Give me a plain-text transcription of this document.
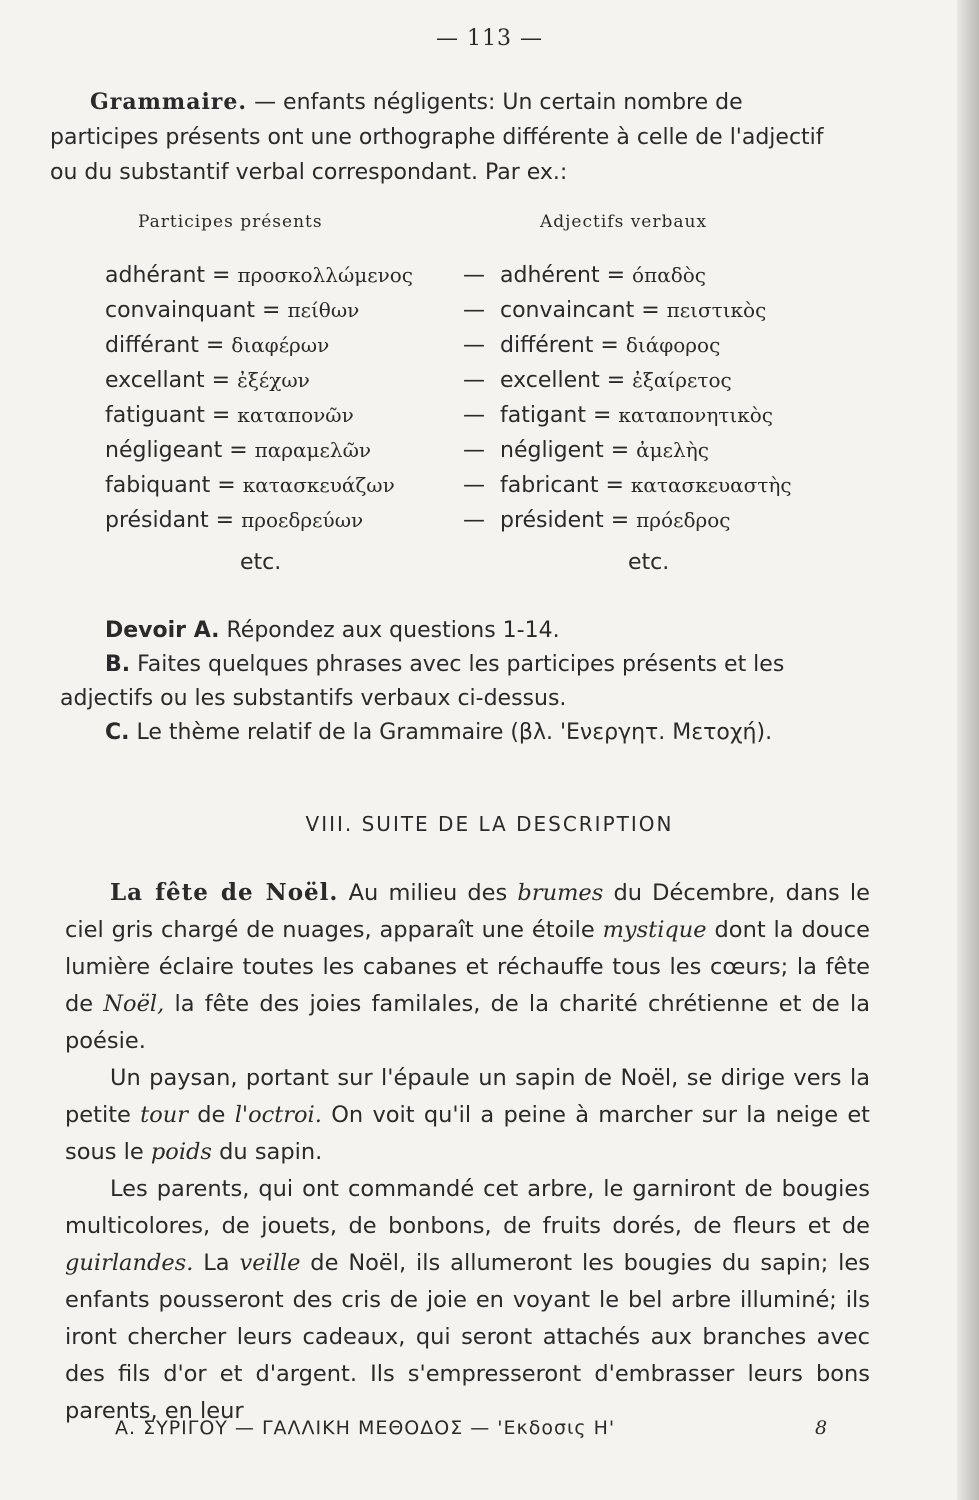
— 113 —

Grammaire. — enfants négligents: Un certain nombre de participes présents ont une orthographe différente à celle de l'adjectif ou du substantif verbal correspondant. Par ex.:

Participes présents	Adjectifs verbaux
adhérant = προσκολλώμενος — adhérent = όπαδὸς
convainquant = πείθων	— convaincant = πειστικὸς
différant = διαφέρων	— différent = διάφορος
excellant = ἐξέχων	— excellent = ἐξαίρετος
fatiguant = καταπονῶν	— fatigant = καταπονητικὸς
négligeant = παραμελῶν	— négligent = ἀμελὴς
fabiquant = κατασκευάζων	— fabricant = κατασκευαστὴς
présidant = προεδρεύων	— président = πρόεδρος
etc.	etc.

Devoir A. Répondez aux questions 1-14.

B. Faites quelques phrases avec les participes présents et les adjectifs ou les substantifs verbaux ci-dessus.

C. Le thème relatif de la Grammaire (βλ. 'Ενεργητ. Μετοχή).

VIII. SUITE DE LA DESCRIPTION

La fête de Noël. Au milieu des brumes du Décembre, dans le ciel gris chargé de nuages, apparaît une étoile mystique dont la douce lumière éclaire toutes les cabanes et réchauffe tous les cœurs; la fête de Noël, la fête des joies familales, de la charité chrétienne et de la poésie.

Un paysan, portant sur l'épaule un sapin de Noël, se dirige vers la petite tour de l'octroi. On voit qu'il a peine à marcher sur la neige et sous le poids du sapin.

Les parents, qui ont commandé cet arbre, le garniront de bougies multicolores, de jouets, de bonbons, de fruits dorés, de fleurs et de guirlandes. La veille de Noël, ils allumeront les bougies du sapin; les enfants pousseront des cris de joie en voyant le bel arbre illuminé; ils iront chercher leurs cadeaux, qui seront attachés aux branches avec des fils d'or et d'argent. Ils s'empresseront d'embrasser leurs bons parents, en leur

Α. ΣΥΡΙΓΟΥ — ΓΑΛΛΙΚΗ ΜΕΘΟΔΟΣ — 'Εκδοσις Η'	8
